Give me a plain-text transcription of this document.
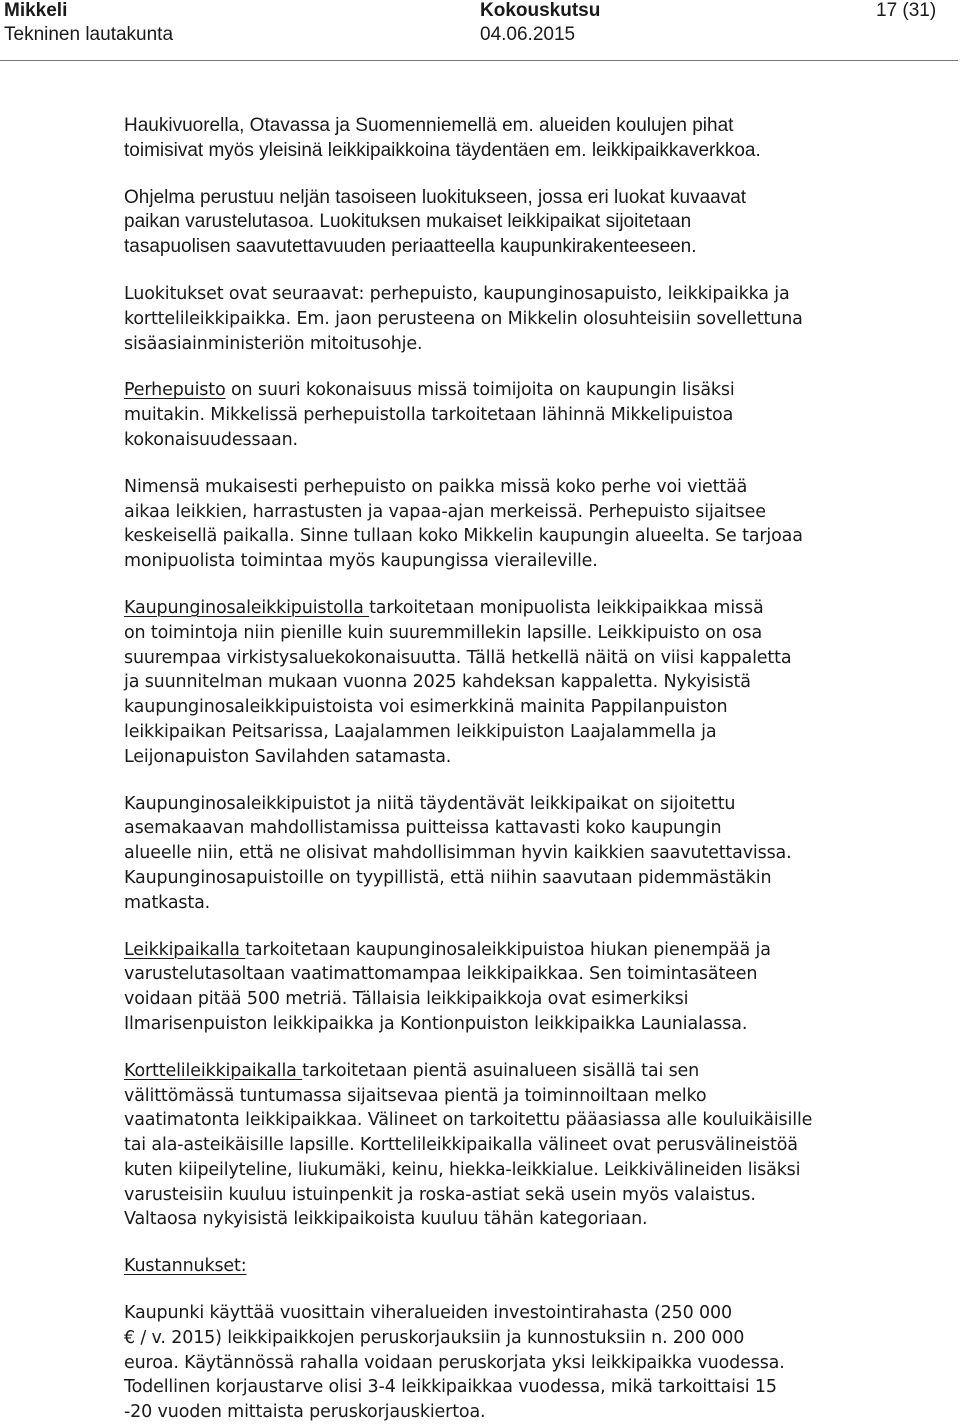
Mikkeli
Tekninen lautakunta
Kokouskutsu
04.06.2015
17 (31)

Haukivuorella, Otavassa ja Suomenniemellä em. alueiden koulujen pihat
toimisivat myös yleisinä leikkipaikkoina täydentäen em. leikkipaikkaverkkoa.

Ohjelma perustuu neljän tasoiseen luokitukseen, jossa eri luokat kuvaavat
paikan varustelutasoa. Luokituksen mukaiset leikkipaikat sijoitetaan
tasapuolisen saavutettavuuden periaatteella kaupunkirakenteeseen.

Luokitukset ovat seuraavat: perhepuisto, kaupunginosapuisto, leikkipaikka ja
korttelileikkipaikka. Em. jaon perusteena on Mikkelin olosuhteisiin sovellettuna
sisäasiainministeriön mitoitusohje.

Perhepuisto on suuri kokonaisuus missä toimijoita on kaupungin lisäksi
muitakin. Mikkelissä perhepuistolla tarkoitetaan lähinnä Mikkelipuistoa
kokonaisuudessaan.

Nimensä mukaisesti perhepuisto on paikka missä koko perhe voi viettää
aikaa leikkien, harrastusten ja vapaa-ajan merkeissä. Perhepuisto sijaitsee
keskeisellä paikalla. Sinne tullaan koko Mikkelin kaupungin alueelta. Se tarjoaa
monipuolista toimintaa myös kaupungissa vieraileville.

Kaupunginosaleikkipuistolla tarkoitetaan monipuolista leikkipaikkaa missä
on toimintoja niin pienille kuin suuremmillekin lapsille. Leikkipuisto on osa
suurempaa virkistysaluekokonaisuutta. Tällä hetkellä näitä on viisi kappaletta
ja suunnitelman mukaan vuonna 2025 kahdeksan kappaletta. Nykyisistä
kaupunginosaleikkipuistoista voi esimerkkinä mainita Pappilanpuiston
leikkipaikan Peitsarissa, Laajalammen leikkipuiston Laajalammella ja
Leijonapuiston Savilahden satamasta.

Kaupunginosaleikkipuistot ja niitä täydentävät leikkipaikat on sijoitettu
asemakaavan mahdollistamissa puitteissa kattavasti koko kaupungin
alueelle niin, että ne olisivat mahdollisimman hyvin kaikkien saavutettavissa.
Kaupunginosapuistoille on tyypillistä, että niihin saavutaan pidemmästäkin
matkasta.

Leikkipaikalla tarkoitetaan kaupunginosaleikkipuistoa hiukan pienempää ja
varustelutasoltaan vaatimattomampaa leikkipaikkaa. Sen toimintasäteen
voidaan pitää 500 metriä. Tällaisia leikkipaikkoja ovat esimerkiksi
Ilmarisenpuiston leikkipaikka ja Kontionpuiston leikkipaikka Launialassa.

Korttelileikkipaikalla tarkoitetaan pientä asuinalueen sisällä tai sen
välittömässä tuntumassa sijaitsevaa pientä ja toiminnoiltaan melko
vaatimatonta leikkipaikkaa. Välineet on tarkoitettu pääasiassa alle kouluikäisille
tai ala-asteikäisille lapsille. Korttelileikkipaikalla välineet ovat perusvälineistöä
kuten kiipeilyteline, liukumäki, keinu, hiekka-leikkialue. Leikkivälineiden lisäksi
varusteisiin kuuluu istuinpenkit ja roska-astiat sekä usein myös valaistus.
Valtaosa nykyisistä leikkipaikoista kuuluu tähän kategoriaan.

Kustannukset:

Kaupunki käyttää vuosittain viheralueiden investointirahasta (250 000
€ / v. 2015) leikkipaikkojen peruskorjauksiin ja kunnostuksiin n. 200 000
euroa. Käytännössä rahalla voidaan peruskorjata yksi leikkipaikka vuodessa.
Todellinen korjaustarve olisi 3-4 leikkipaikkaa vuodessa, mikä tarkoittaisi 15
-20 vuoden mittaista peruskorjauskiertoa.
